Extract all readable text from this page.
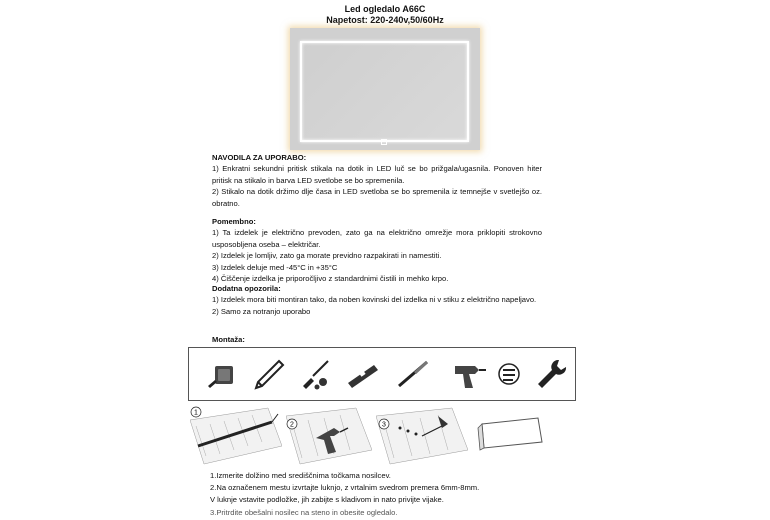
Led ogledalo A66C
Napetost: 220-240v,50/60Hz

NAVODILA ZA UPORABO:

1) Enkratni sekundni pritisk stikala na dotik in LED luč se bo prižgala/ugasnila. Ponoven hiter pritisk na stikalo in barva LED svetlobe se bo spremenila.

2) Stikalo na dotik držimo dlje časa in LED svetloba se bo spremenila iz temnejše v svetlejšo oz. obratno.

Pomembno:

1) Ta izdelek je električno prevoden, zato ga na električno omrežje mora priklopiti strokovno usposobljena oseba – električar.

2) Izdelek je lomljiv, zato ga morate previdno razpakirati in namestiti.

3) Izdelek deluje med -45°C in +35°C

4) Čiščenje izdelka je priporočljivo z standardnimi čistili in mehko krpo.

Dodatna opozorila:

1) Izdelek mora biti montiran tako, da noben kovinski del izdelka ni v stiku z električno napeljavo.

2) Samo za notranjo uporabo

Montaža:
1
2	3

1.Izmerite dolžino med središčnima točkama nosilcev.

2.Na označenem mestu izvrtajte luknjo, z vrtalnim svedrom premera 6mm-8mm.

V luknje vstavite podložke, jih zabijte s kladivom in nato privijte vijake.

3.Pritrdite obešalni nosilec na steno in obesite ogledalo.
